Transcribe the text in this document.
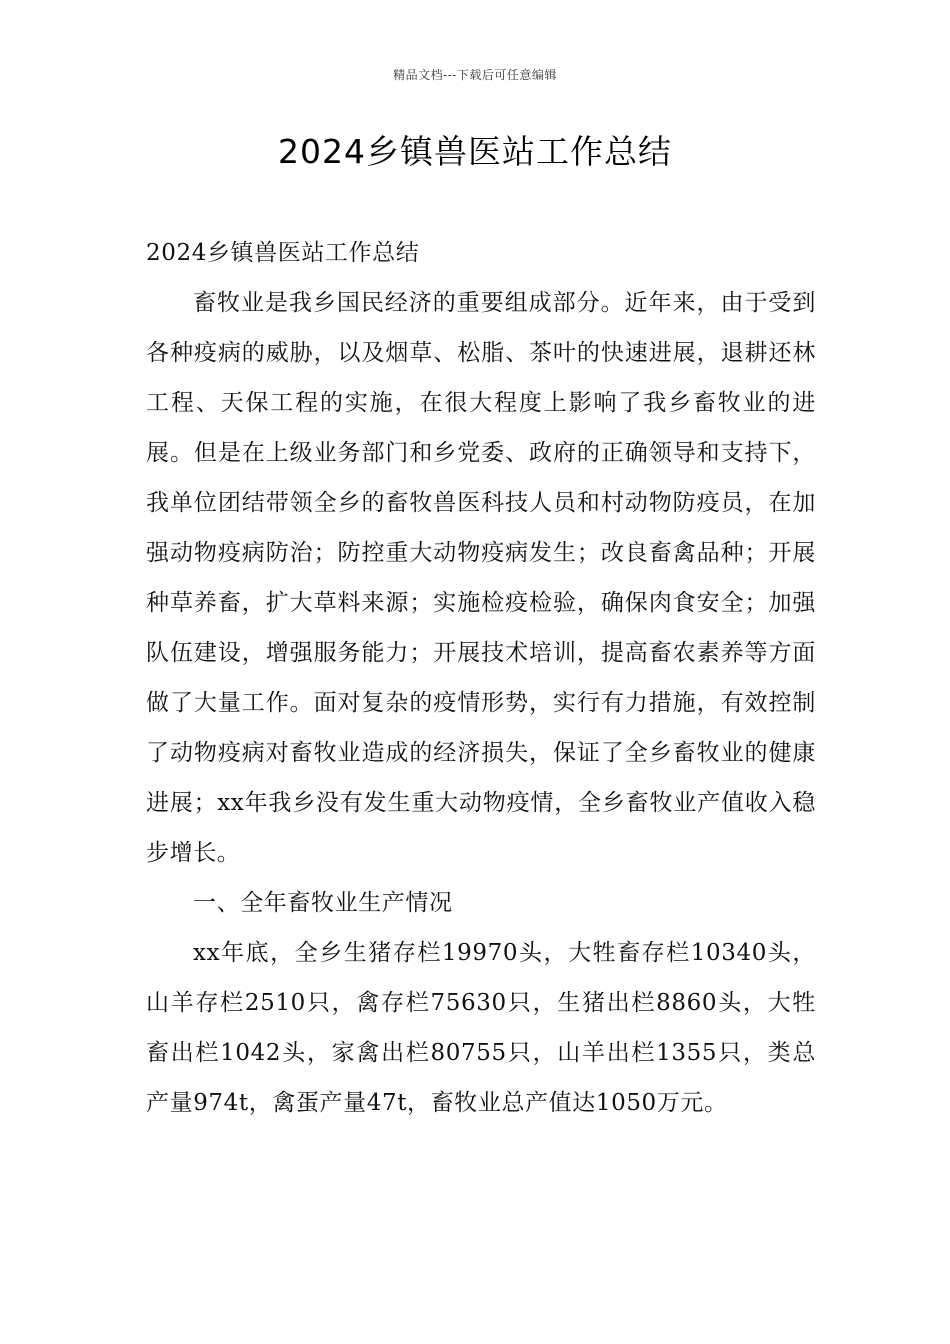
精品文档---下载后可任意编辑
2024乡镇兽医站工作总结

2024乡镇兽医站工作总结

畜牧业是我乡国民经济的重要组成部分。近年来，由于受到各种疫病的威胁，以及烟草、松脂、茶叶的快速进展，退耕还林工程、天保工程的实施，在很大程度上影响了我乡畜牧业的进展。但是在上级业务部门和乡党委、政府的正确领导和支持下，我单位团结带领全乡的畜牧兽医科技人员和村动物防疫员，在加强动物疫病防治；防控重大动物疫病发生；改良畜禽品种；开展种草养畜，扩大草料来源；实施检疫检验，确保肉食安全；加强队伍建设，增强服务能力；开展技术培训，提高畜农素养等方面做了大量工作。面对复杂的疫情形势，实行有力措施，有效控制了动物疫病对畜牧业造成的经济损失，保证了全乡畜牧业的健康进展；xx年我乡没有发生重大动物疫情，全乡畜牧业产值收入稳步增长。

一、全年畜牧业生产情况

xx年底，全乡生猪存栏19970头，大牲畜存栏10340头，山羊存栏2510只，禽存栏75630只，生猪出栏8860头，大牲畜出栏1042头，家禽出栏80755只，山羊出栏1355只，类总产量974t，禽蛋产量47t，畜牧业总产值达1050万元。
